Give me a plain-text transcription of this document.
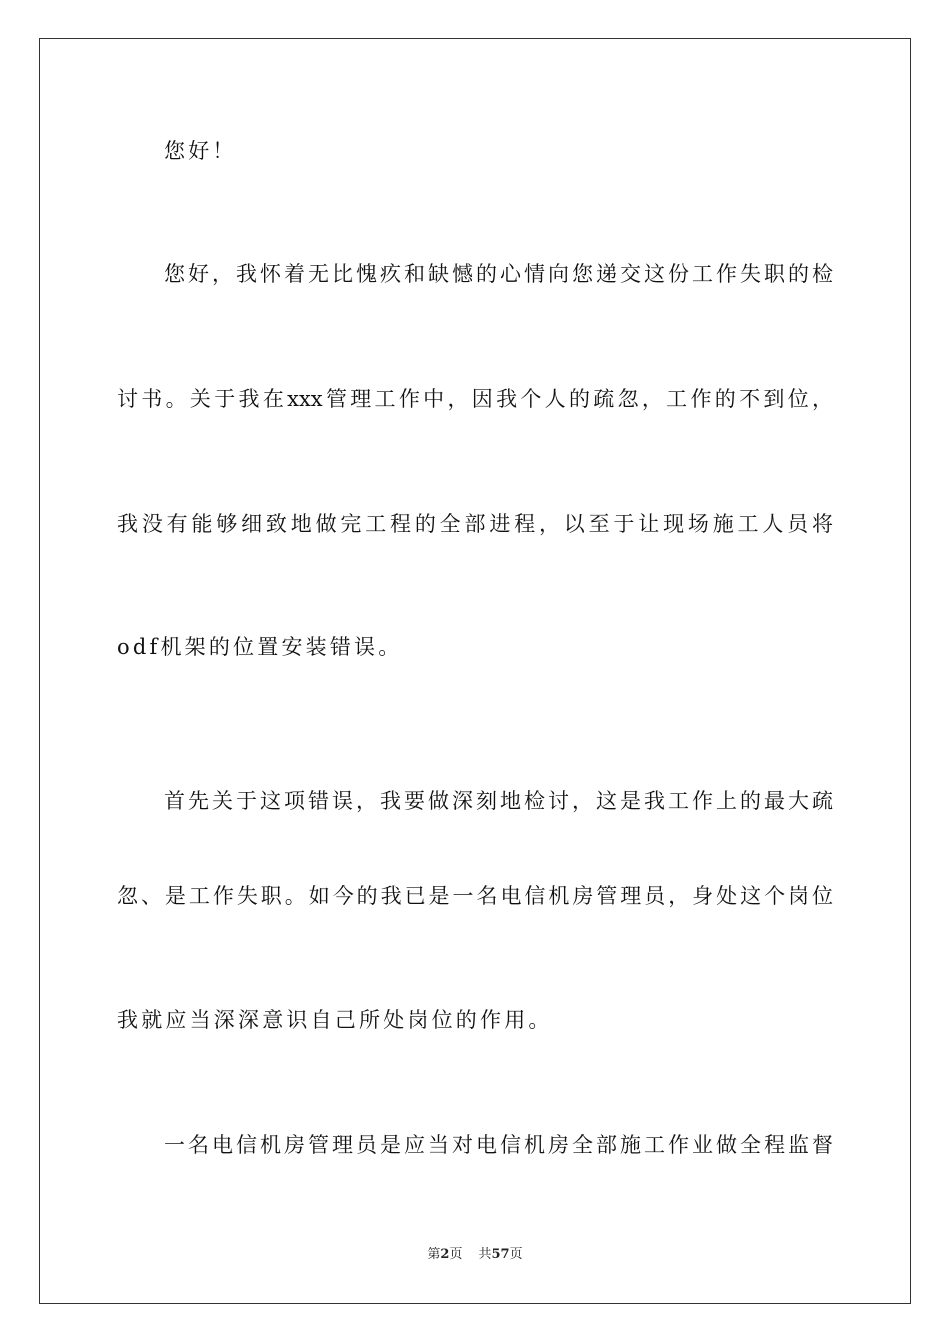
您好！
您好，我怀着无比愧疚和缺憾的心情向您递交这份工作失职的检
讨书。关于我在xxx管理工作中，因我个人的疏忽，工作的不到位，
我没有能够细致地做完工程的全部进程，以至于让现场施工人员将
odf机架的位置安装错误。
首先关于这项错误，我要做深刻地检讨，这是我工作上的最大疏
忽、是工作失职。如今的我已是一名电信机房管理员，身处这个岗位
我就应当深深意识自己所处岗位的作用。
一名电信机房管理员是应当对电信机房全部施工作业做全程监督
第2页 共57页
